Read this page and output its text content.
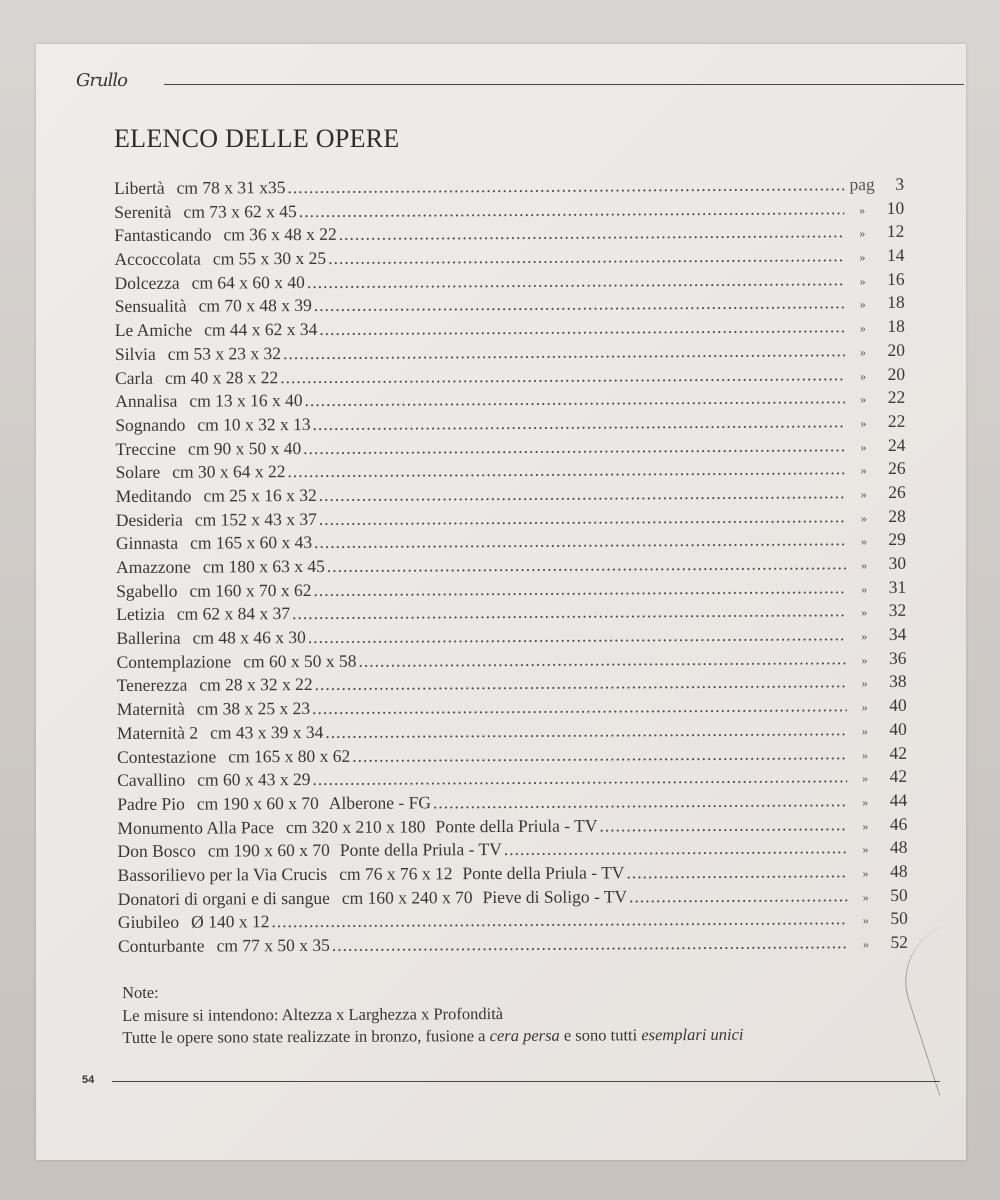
Grullo
ELENCO DELLE OPERE
Libertà cm 78 x 31 x35 .....	pag	3
Serenità cm 73 x 62 x 45 .....	»	10
Fantasticando cm 36 x 48 x 22 .....	»	12
Accoccolata cm 55 x 30 x 25 .....	»	14
Dolcezza cm 64 x 60 x 40 .....	»	16
Sensualità cm 70 x 48 x 39 .....	»	18
Le Amiche cm 44 x 62 x 34 .....	»	18
Silvia cm 53 x 23 x 32 .....	»	20
Carla cm 40 x 28 x 22 .....	»	20
Annalisa cm 13 x 16 x 40 .....	»	22
Sognando cm 10 x 32 x 13 .....	»	22
Treccine cm 90 x 50 x 40 .....	»	24
Solare cm 30 x 64 x 22 .....	»	26
Meditando cm 25 x 16 x 32 .....	»	26
Desideria cm 152 x 43 x 37 .....	»	28
Ginnasta cm 165 x 60 x 43 .....	»	29
Amazzone cm 180 x 63 x 45 .....	»	30
Sgabello cm 160 x 70 x 62 .....	»	31
Letizia cm 62 x 84 x 37 .....	»	32
Ballerina cm 48 x 46 x 30 .....	»	34
Contemplazione cm 60 x 50 x 58 .....	»	36
Tenerezza cm 28 x 32 x 22 .....	»	38
Maternità cm 38 x 25 x 23 .....	»	40
Maternità 2 cm 43 x 39 x 34 .....	»	40
Contestazione cm 165 x 80 x 62 .....	»	42
Cavallino cm 60 x 43 x 29 .....	»	42
Padre Pio cm 190 x 60 x 70 Alberone - FG .....	»	44
Monumento Alla Pace cm 320 x 210 x 180 Ponte della Priula - TV .....	»	46
Don Bosco cm 190 x 60 x 70 Ponte della Priula - TV .....	»	48
Bassorilievo per la Via Crucis cm 76 x 76 x 12 Ponte della Priula - TV .....	»	48
Donatori di organi e di sangue cm 160 x 240 x 70 Pieve di Soligo - TV .....	»	50
Giubileo Ø 140 x 12 .....	»	50
Conturbante cm 77 x 50 x 35 .....	»	52

Note:

Le misure si intendono: Altezza x Larghezza x Profondità

Tutte le opere sono state realizzate in bronzo, fusione a cera persa e sono tutti esemplari unici

54
